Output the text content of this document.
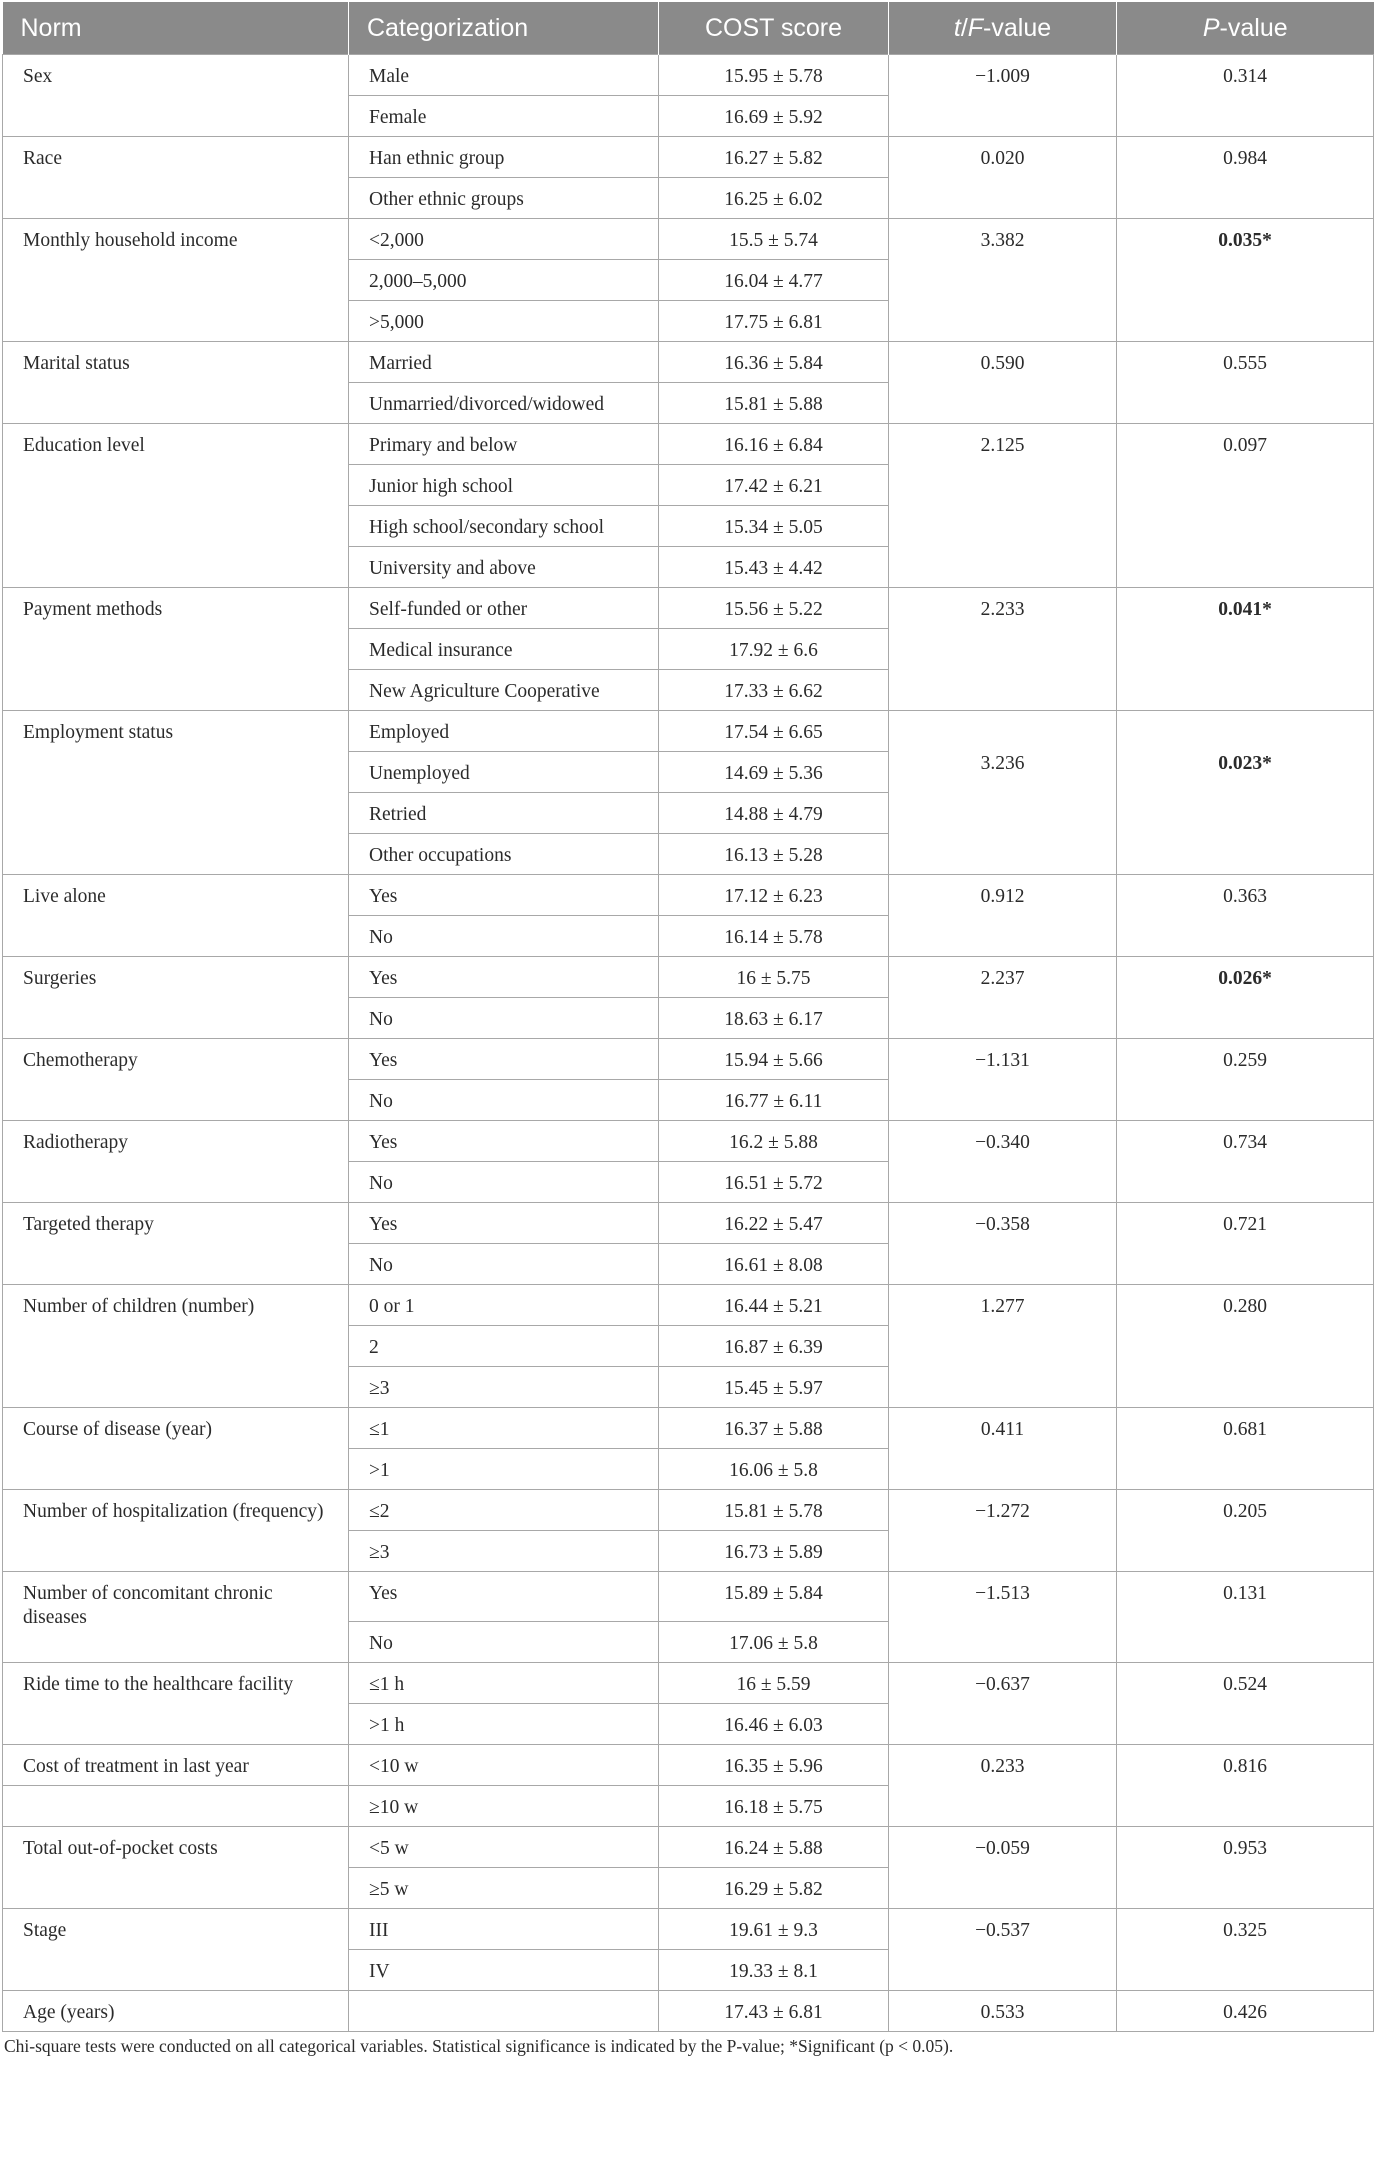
Norm	Categorization	COST score	t/F-value	P-value
Sex	Male	15.95 ± 5.78	−1.009	0.314
	Female	16.69 ± 5.92		
Race	Han ethnic group	16.27 ± 5.82	0.020	0.984
	Other ethnic groups	16.25 ± 6.02		
Monthly household income	<2,000	15.5 ± 5.74	3.382	0.035*
	2,000–5,000	16.04 ± 4.77		
	>5,000	17.75 ± 6.81		
Marital status	Married	16.36 ± 5.84	0.590	0.555
	Unmarried/divorced/widowed	15.81 ± 5.88		
Education level	Primary and below	16.16 ± 6.84	2.125	0.097
	Junior high school	17.42 ± 6.21		
	High school/secondary school	15.34 ± 5.05		
	University and above	15.43 ± 4.42		
Payment methods	Self-funded or other	15.56 ± 5.22	2.233	0.041*
	Medical insurance	17.92 ± 6.6		
	New Agriculture Cooperative	17.33 ± 6.62		
Employment status	Employed	17.54 ± 6.65	3.236	0.023*
	Unemployed	14.69 ± 5.36		
	Retried	14.88 ± 4.79		
	Other occupations	16.13 ± 5.28		
Live alone	Yes	17.12 ± 6.23	0.912	0.363
	No	16.14 ± 5.78		
Surgeries	Yes	16 ± 5.75	2.237	0.026*
	No	18.63 ± 6.17		
Chemotherapy	Yes	15.94 ± 5.66	−1.131	0.259
	No	16.77 ± 6.11		
Radiotherapy	Yes	16.2 ± 5.88	−0.340	0.734
	No	16.51 ± 5.72		
Targeted therapy	Yes	16.22 ± 5.47	−0.358	0.721
	No	16.61 ± 8.08		
Number of children (number)	0 or 1	16.44 ± 5.21	1.277	0.280
	2	16.87 ± 6.39		
	≥3	15.45 ± 5.97		
Course of disease (year)	≤1	16.37 ± 5.88	0.411	0.681
	>1	16.06 ± 5.8		
Number of hospitalization (frequency)	≤2	15.81 ± 5.78	−1.272	0.205
	≥3	16.73 ± 5.89		
Number of concomitant chronic diseases	Yes	15.89 ± 5.84	−1.513	0.131
	No	17.06 ± 5.8		
Ride time to the healthcare facility	≤1 h	16 ± 5.59	−0.637	0.524
	>1 h	16.46 ± 6.03		
Cost of treatment in last year	<10 w	16.35 ± 5.96	0.233	0.816
	≥10 w	16.18 ± 5.75		
Total out-of-pocket costs	<5 w	16.24 ± 5.88	−0.059	0.953
	≥5 w	16.29 ± 5.82		
Stage	III	19.61 ± 9.3	−0.537	0.325
	IV	19.33 ± 8.1		
Age (years)		17.43 ± 6.81	0.533	0.426
Chi-square tests were conducted on all categorical variables. Statistical significance is indicated by the P-value; *Significant (p < 0.05).
